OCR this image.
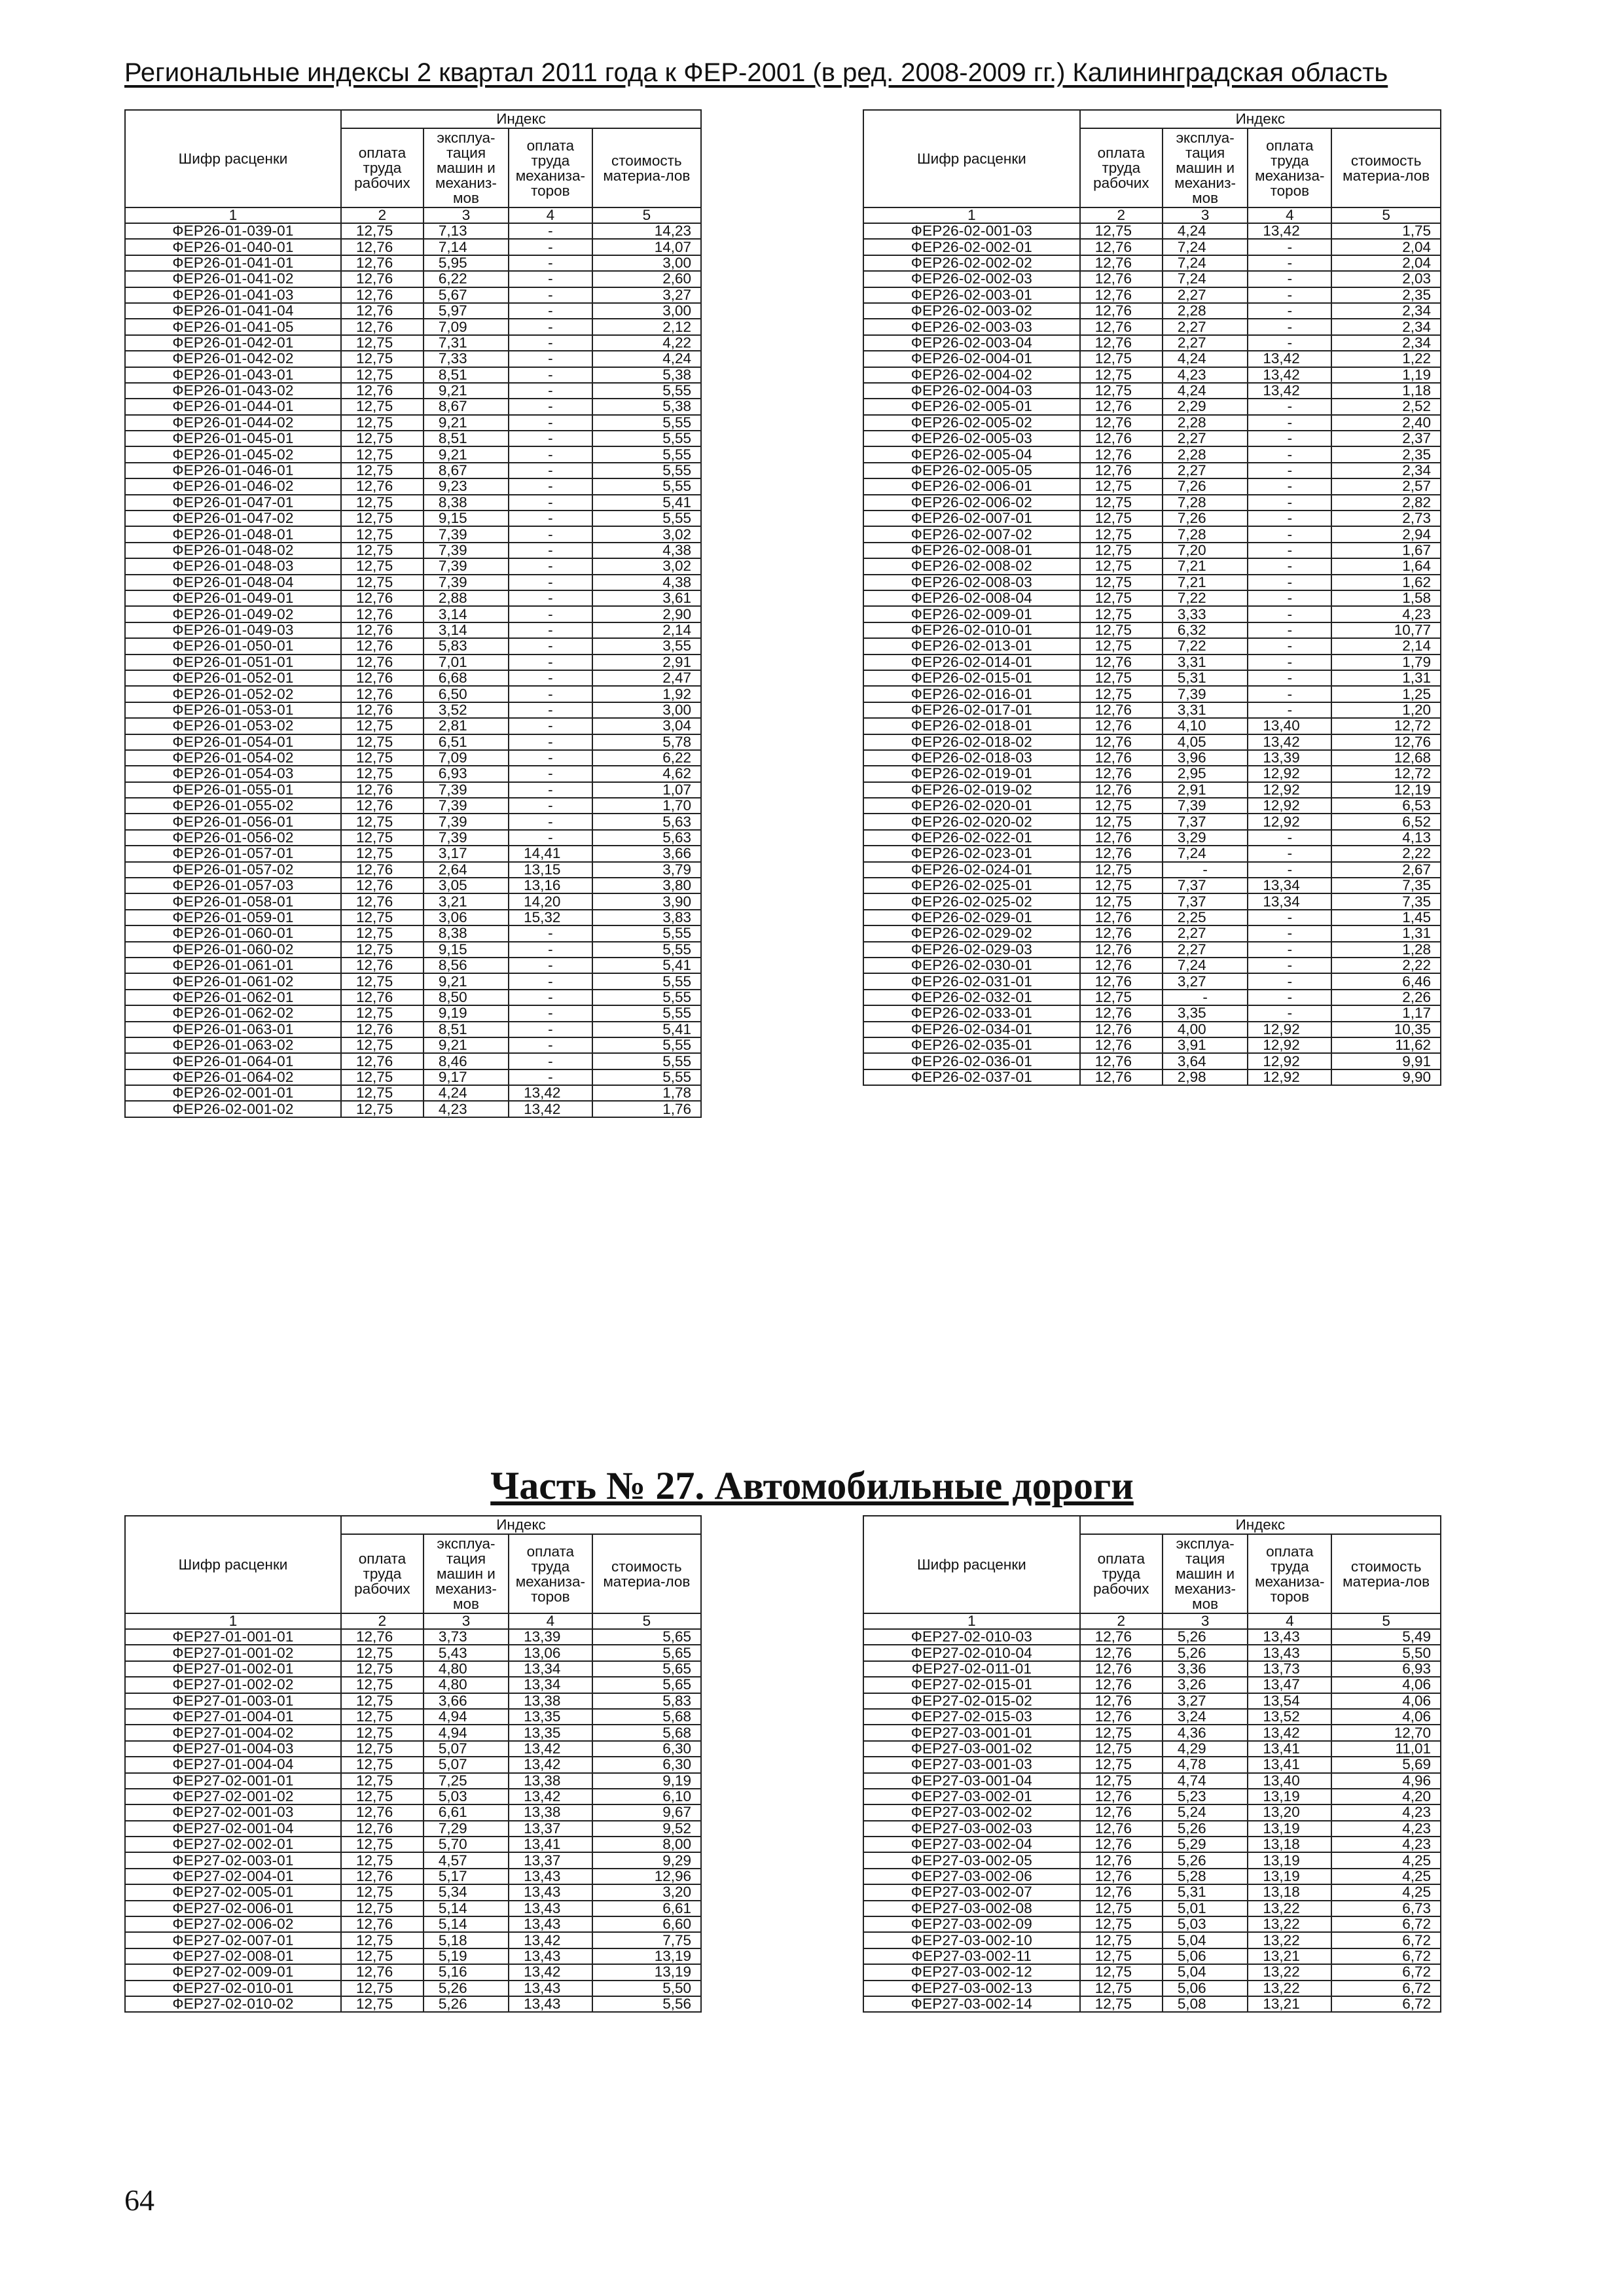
Региональные индексы 2 квартал 2011 года к ФЕР-2001 (в ред. 2008-2009 гг.) Калининградская область
Шифр расценки	Индекс			
	оплата труда рабочих	эксплуа-тация машин и механиз-мов	оплата труда механиза-торов	стоимость материа-лов
1	2	3	4	5
ФЕР26-01-039-01	12,75	7,13	-	14,23
ФЕР26-01-040-01	12,76	7,14	-	14,07
ФЕР26-01-041-01	12,76	5,95	-	3,00
ФЕР26-01-041-02	12,76	6,22	-	2,60
ФЕР26-01-041-03	12,76	5,67	-	3,27
ФЕР26-01-041-04	12,76	5,97	-	3,00
ФЕР26-01-041-05	12,76	7,09	-	2,12
ФЕР26-01-042-01	12,75	7,31	-	4,22
ФЕР26-01-042-02	12,75	7,33	-	4,24
ФЕР26-01-043-01	12,75	8,51	-	5,38
ФЕР26-01-043-02	12,76	9,21	-	5,55
ФЕР26-01-044-01	12,75	8,67	-	5,38
ФЕР26-01-044-02	12,75	9,21	-	5,55
ФЕР26-01-045-01	12,75	8,51	-	5,55
ФЕР26-01-045-02	12,75	9,21	-	5,55
ФЕР26-01-046-01	12,75	8,67	-	5,55
ФЕР26-01-046-02	12,76	9,23	-	5,55
ФЕР26-01-047-01	12,75	8,38	-	5,41
ФЕР26-01-047-02	12,75	9,15	-	5,55
ФЕР26-01-048-01	12,75	7,39	-	3,02
ФЕР26-01-048-02	12,75	7,39	-	4,38
ФЕР26-01-048-03	12,75	7,39	-	3,02
ФЕР26-01-048-04	12,75	7,39	-	4,38
ФЕР26-01-049-01	12,76	2,88	-	3,61
ФЕР26-01-049-02	12,76	3,14	-	2,90
ФЕР26-01-049-03	12,76	3,14	-	2,14
ФЕР26-01-050-01	12,76	5,83	-	3,55
ФЕР26-01-051-01	12,76	7,01	-	2,91
ФЕР26-01-052-01	12,76	6,68	-	2,47
ФЕР26-01-052-02	12,76	6,50	-	1,92
ФЕР26-01-053-01	12,76	3,52	-	3,00
ФЕР26-01-053-02	12,75	2,81	-	3,04
ФЕР26-01-054-01	12,75	6,51	-	5,78
ФЕР26-01-054-02	12,75	7,09	-	6,22
ФЕР26-01-054-03	12,75	6,93	-	4,62
ФЕР26-01-055-01	12,76	7,39	-	1,07
ФЕР26-01-055-02	12,76	7,39	-	1,70
ФЕР26-01-056-01	12,75	7,39	-	5,63
ФЕР26-01-056-02	12,75	7,39	-	5,63
ФЕР26-01-057-01	12,75	3,17	14,41	3,66
ФЕР26-01-057-02	12,76	2,64	13,15	3,79
ФЕР26-01-057-03	12,76	3,05	13,16	3,80
ФЕР26-01-058-01	12,76	3,21	14,20	3,90
ФЕР26-01-059-01	12,75	3,06	15,32	3,83
ФЕР26-01-060-01	12,75	8,38	-	5,55
ФЕР26-01-060-02	12,75	9,15	-	5,55
ФЕР26-01-061-01	12,76	8,56	-	5,41
ФЕР26-01-061-02	12,75	9,21	-	5,55
ФЕР26-01-062-01	12,76	8,50	-	5,55
ФЕР26-01-062-02	12,75	9,19	-	5,55
ФЕР26-01-063-01	12,76	8,51	-	5,41
ФЕР26-01-063-02	12,75	9,21	-	5,55
ФЕР26-01-064-01	12,76	8,46	-	5,55
ФЕР26-01-064-02	12,75	9,17	-	5,55
ФЕР26-02-001-01	12,75	4,24	13,42	1,78
ФЕР26-02-001-02	12,75	4,23	13,42	1,76
Шифр расценки	Индекс			
	оплата труда рабочих	эксплуа-тация машин и механиз-мов	оплата труда механиза-торов	стоимость материа-лов
1	2	3	4	5
ФЕР26-02-001-03	12,75	4,24	13,42	1,75
ФЕР26-02-002-01	12,76	7,24	-	2,04
ФЕР26-02-002-02	12,76	7,24	-	2,04
ФЕР26-02-002-03	12,76	7,24	-	2,03
ФЕР26-02-003-01	12,76	2,27	-	2,35
ФЕР26-02-003-02	12,76	2,28	-	2,34
ФЕР26-02-003-03	12,76	2,27	-	2,34
ФЕР26-02-003-04	12,76	2,27	-	2,34
ФЕР26-02-004-01	12,75	4,24	13,42	1,22
ФЕР26-02-004-02	12,75	4,23	13,42	1,19
ФЕР26-02-004-03	12,75	4,24	13,42	1,18
ФЕР26-02-005-01	12,76	2,29	-	2,52
ФЕР26-02-005-02	12,76	2,28	-	2,40
ФЕР26-02-005-03	12,76	2,27	-	2,37
ФЕР26-02-005-04	12,76	2,28	-	2,35
ФЕР26-02-005-05	12,76	2,27	-	2,34
ФЕР26-02-006-01	12,75	7,26	-	2,57
ФЕР26-02-006-02	12,75	7,28	-	2,82
ФЕР26-02-007-01	12,75	7,26	-	2,73
ФЕР26-02-007-02	12,75	7,28	-	2,94
ФЕР26-02-008-01	12,75	7,20	-	1,67
ФЕР26-02-008-02	12,75	7,21	-	1,64
ФЕР26-02-008-03	12,75	7,21	-	1,62
ФЕР26-02-008-04	12,75	7,22	-	1,58
ФЕР26-02-009-01	12,75	3,33	-	4,23
ФЕР26-02-010-01	12,75	6,32	-	10,77
ФЕР26-02-013-01	12,75	7,22	-	2,14
ФЕР26-02-014-01	12,76	3,31	-	1,79
ФЕР26-02-015-01	12,75	5,31	-	1,31
ФЕР26-02-016-01	12,75	7,39	-	1,25
ФЕР26-02-017-01	12,76	3,31	-	1,20
ФЕР26-02-018-01	12,76	4,10	13,40	12,72
ФЕР26-02-018-02	12,76	4,05	13,42	12,76
ФЕР26-02-018-03	12,76	3,96	13,39	12,68
ФЕР26-02-019-01	12,76	2,95	12,92	12,72
ФЕР26-02-019-02	12,76	2,91	12,92	12,19
ФЕР26-02-020-01	12,75	7,39	12,92	6,53
ФЕР26-02-020-02	12,75	7,37	12,92	6,52
ФЕР26-02-022-01	12,76	3,29	-	4,13
ФЕР26-02-023-01	12,76	7,24	-	2,22
ФЕР26-02-024-01	12,75	-	-	2,67
ФЕР26-02-025-01	12,75	7,37	13,34	7,35
ФЕР26-02-025-02	12,75	7,37	13,34	7,35
ФЕР26-02-029-01	12,76	2,25	-	1,45
ФЕР26-02-029-02	12,76	2,27	-	1,31
ФЕР26-02-029-03	12,76	2,27	-	1,28
ФЕР26-02-030-01	12,76	7,24	-	2,22
ФЕР26-02-031-01	12,76	3,27	-	6,46
ФЕР26-02-032-01	12,75	-	-	2,26
ФЕР26-02-033-01	12,76	3,35	-	1,17
ФЕР26-02-034-01	12,76	4,00	12,92	10,35
ФЕР26-02-035-01	12,76	3,91	12,92	11,62
ФЕР26-02-036-01	12,76	3,64	12,92	9,91
ФЕР26-02-037-01	12,76	2,98	12,92	9,90
Часть № 27. Автомобильные дороги
Шифр расценки	Индекс			
	оплата труда рабочих	эксплуа-тация машин и механиз-мов	оплата труда механиза-торов	стоимость материа-лов
1	2	3	4	5
ФЕР27-01-001-01	12,76	3,73	13,39	5,65
ФЕР27-01-001-02	12,75	5,43	13,06	5,65
ФЕР27-01-002-01	12,75	4,80	13,34	5,65
ФЕР27-01-002-02	12,75	4,80	13,34	5,65
ФЕР27-01-003-01	12,75	3,66	13,38	5,83
ФЕР27-01-004-01	12,75	4,94	13,35	5,68
ФЕР27-01-004-02	12,75	4,94	13,35	5,68
ФЕР27-01-004-03	12,75	5,07	13,42	6,30
ФЕР27-01-004-04	12,75	5,07	13,42	6,30
ФЕР27-02-001-01	12,75	7,25	13,38	9,19
ФЕР27-02-001-02	12,75	5,03	13,42	6,10
ФЕР27-02-001-03	12,76	6,61	13,38	9,67
ФЕР27-02-001-04	12,76	7,29	13,37	9,52
ФЕР27-02-002-01	12,75	5,70	13,41	8,00
ФЕР27-02-003-01	12,75	4,57	13,37	9,29
ФЕР27-02-004-01	12,76	5,17	13,43	12,96
ФЕР27-02-005-01	12,75	5,34	13,43	3,20
ФЕР27-02-006-01	12,75	5,14	13,43	6,61
ФЕР27-02-006-02	12,76	5,14	13,43	6,60
ФЕР27-02-007-01	12,75	5,18	13,42	7,75
ФЕР27-02-008-01	12,75	5,19	13,43	13,19
ФЕР27-02-009-01	12,76	5,16	13,42	13,19
ФЕР27-02-010-01	12,75	5,26	13,43	5,50
ФЕР27-02-010-02	12,75	5,26	13,43	5,56
Шифр расценки	Индекс			
	оплата труда рабочих	эксплуа-тация машин и механиз-мов	оплата труда механиза-торов	стоимость материа-лов
1	2	3	4	5
ФЕР27-02-010-03	12,76	5,26	13,43	5,49
ФЕР27-02-010-04	12,76	5,26	13,43	5,50
ФЕР27-02-011-01	12,76	3,36	13,73	6,93
ФЕР27-02-015-01	12,76	3,26	13,47	4,06
ФЕР27-02-015-02	12,76	3,27	13,54	4,06
ФЕР27-02-015-03	12,76	3,24	13,52	4,06
ФЕР27-03-001-01	12,75	4,36	13,42	12,70
ФЕР27-03-001-02	12,75	4,29	13,41	11,01
ФЕР27-03-001-03	12,75	4,78	13,41	5,69
ФЕР27-03-001-04	12,75	4,74	13,40	4,96
ФЕР27-03-002-01	12,76	5,23	13,19	4,20
ФЕР27-03-002-02	12,76	5,24	13,20	4,23
ФЕР27-03-002-03	12,76	5,26	13,19	4,23
ФЕР27-03-002-04	12,76	5,29	13,18	4,23
ФЕР27-03-002-05	12,76	5,26	13,19	4,25
ФЕР27-03-002-06	12,76	5,28	13,19	4,25
ФЕР27-03-002-07	12,76	5,31	13,18	4,25
ФЕР27-03-002-08	12,75	5,01	13,22	6,73
ФЕР27-03-002-09	12,75	5,03	13,22	6,72
ФЕР27-03-002-10	12,75	5,04	13,22	6,72
ФЕР27-03-002-11	12,75	5,06	13,21	6,72
ФЕР27-03-002-12	12,75	5,04	13,22	6,72
ФЕР27-03-002-13	12,75	5,06	13,22	6,72
ФЕР27-03-002-14	12,75	5,08	13,21	6,72
64
